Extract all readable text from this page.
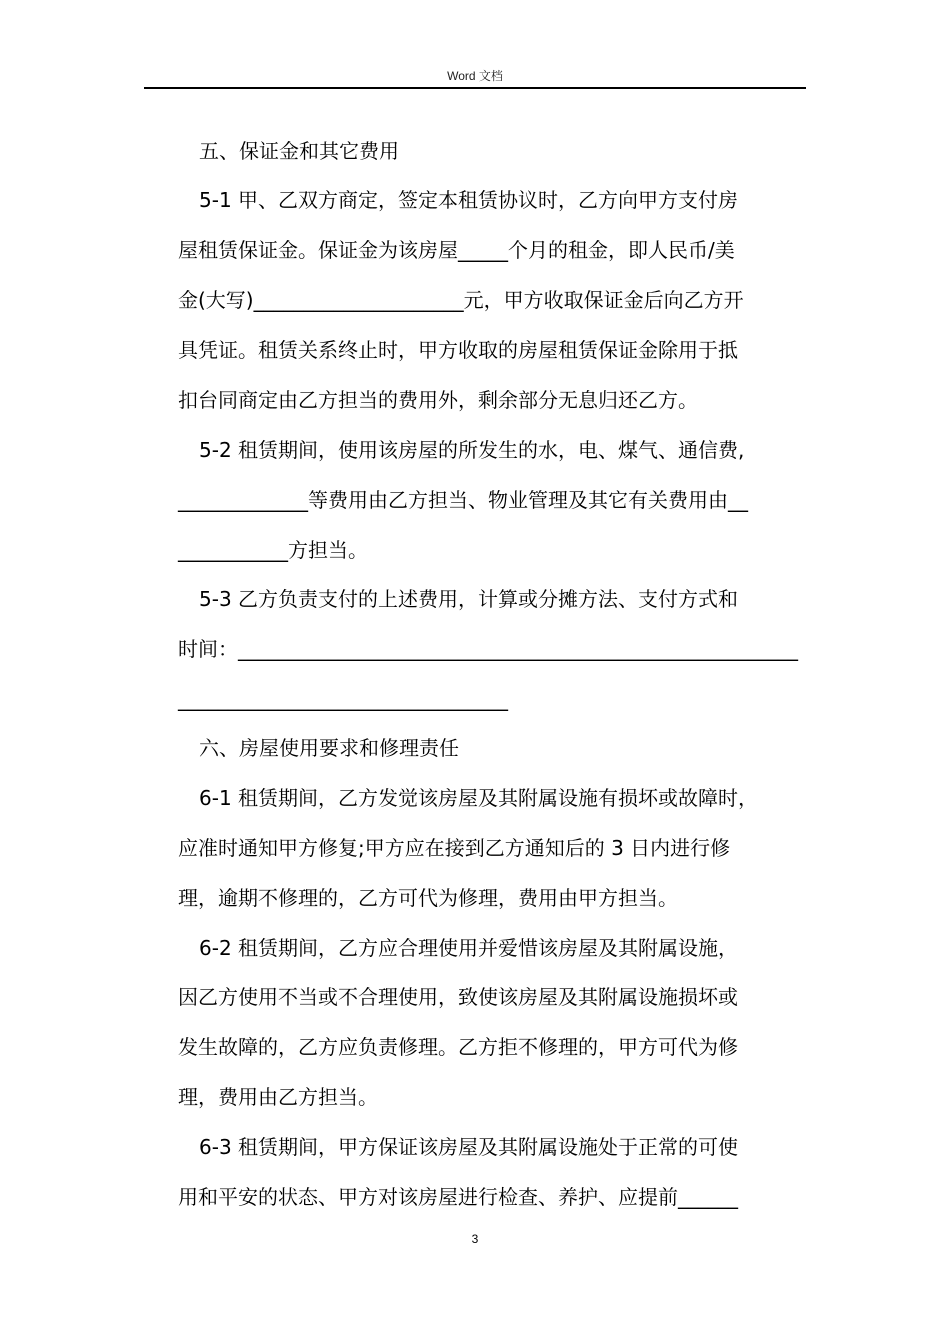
Word 文档
五、保证金和其它费用
5-1 甲、乙双方商定，签定本租赁协议时，乙方向甲方支付房
屋租赁保证金。保证金为该房屋_____个月的租金，即人民币/美
金(大写)_____________________元，甲方收取保证金后向乙方开
具凭证。租赁关系终止时，甲方收取的房屋租赁保证金除用于抵
扣台同商定由乙方担当的费用外，剩余部分无息归还乙方。
5-2 租赁期间，使用该房屋的所发生的水，电、煤气、通信费,
_____________等费用由乙方担当、物业管理及其它有关费用由__
___________方担当。
5-3 乙方负责支付的上述费用，计算或分摊方法、支付方式和
时间：________________________________________________________
_________________________________
六、房屋使用要求和修理责任
6-1 租赁期间，乙方发觉该房屋及其附属设施有损坏或故障时，
应准时通知甲方修复;甲方应在接到乙方通知后的 3 日内进行修
理，逾期不修理的，乙方可代为修理，费用由甲方担当。
6-2 租赁期间，乙方应合理使用并爱惜该房屋及其附属设施，
因乙方使用不当或不合理使用，致使该房屋及其附属设施损坏或
发生故障的，乙方应负责修理。乙方拒不修理的，甲方可代为修
理，费用由乙方担当。
6-3 租赁期间，甲方保证该房屋及其附属设施处于正常的可使
用和平安的状态、甲方对该房屋进行检查、养护、应提前______
3
